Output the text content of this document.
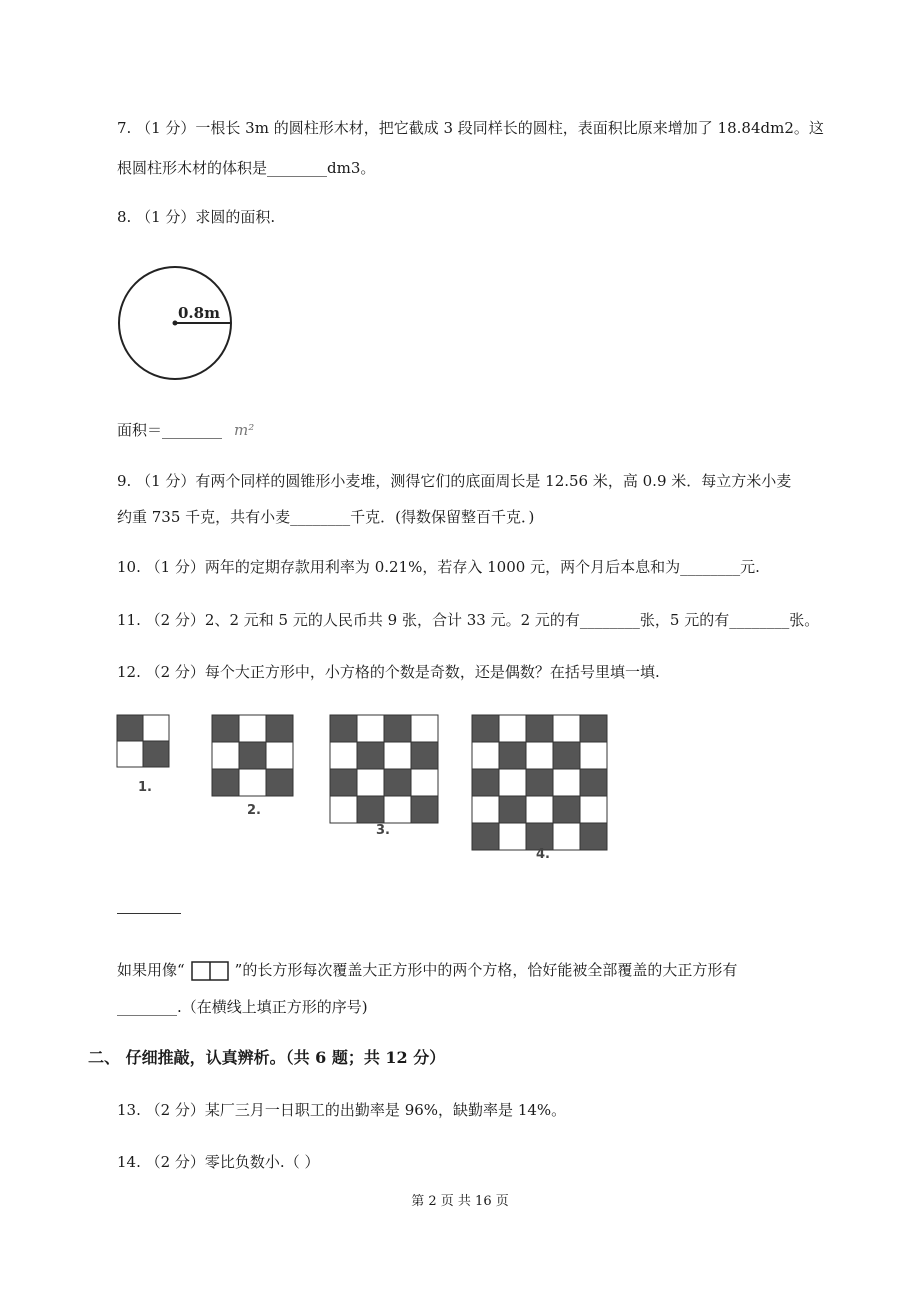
7. （1 分）一根长 3m 的圆柱形木材，把它截成 3 段同样长的圆柱，表面积比原来增加了 18.84dm2。这
根圆柱形木材的体积是________dm3。
8. （1 分）求圆的面积.
0.8m
面积＝________ m²
9. （1 分）有两个同样的圆锥形小麦堆，测得它们的底面周长是 12.56 米，高 0.9 米．每立方米小麦
约重 735 千克，共有小麦________千克．(得数保留整百千克．)
10. （1 分）两年的定期存款用利率为 0.21%，若存入 1000 元，两个月后本息和为________元.
11. （2 分）2、2 元和 5 元的人民币共 9 张，合计 33 元。2 元的有________张，5 元的有________张。
12. （2 分）每个大正方形中，小方格的个数是奇数，还是偶数？在括号里填一填.
1.
2.
3.
4.
如果用像“	”的长方形每次覆盖大正方形中的两个方格，恰好能被全部覆盖的大正方形有
________.（在横线上填正方形的序号)
二、 仔细推敲，认真辨析。（共 6 题；共 12 分）
13. （2 分）某厂三月一日职工的出勤率是 96%，缺勤率是 14%。
14. （2 分）零比负数小.（ ）
第 2 页 共 16 页
